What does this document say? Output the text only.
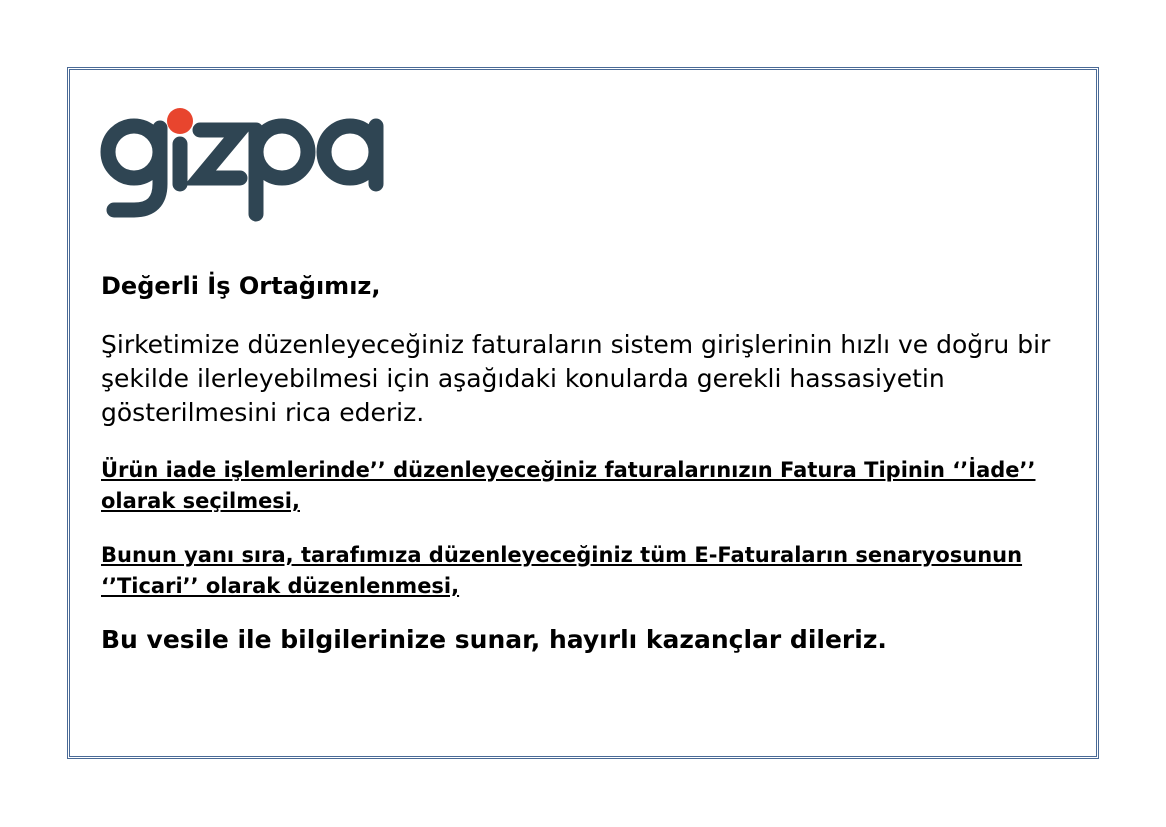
Değerli İş Ortağımız,

Şirketimize düzenleyeceğiniz faturaların sistem girişlerinin hızlı ve doğru bir şekilde ilerleyebilmesi için aşağıdaki konularda gerekli hassasiyetin gösterilmesini rica ederiz.

Ürün iade işlemlerinde’’ düzenleyeceğiniz faturalarınızın Fatura Tipinin ‘’İade’’ olarak seçilmesi,

Bunun yanı sıra, tarafımıza düzenleyeceğiniz tüm E-Faturaların senaryosunun ‘’Ticari’’ olarak düzenlenmesi,

Bu vesile ile bilgilerinize sunar, hayırlı kazançlar dileriz.
